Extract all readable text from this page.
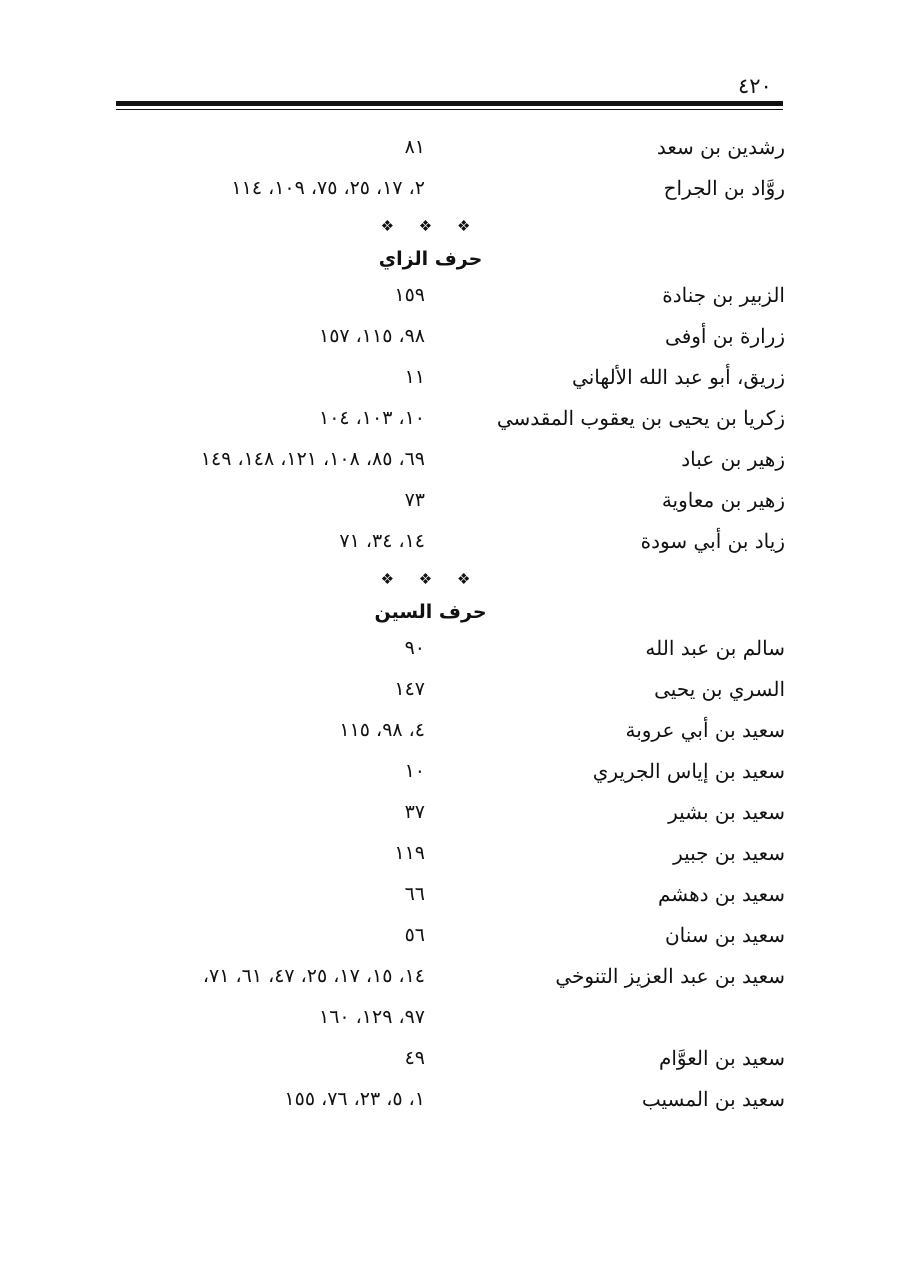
٤٢٠
رشدين بن سعد
٨١
روَّاد بن الجراح
٢، ١٧، ٢٥، ٧٥، ١٠٩، ١١٤
❖ ❖ ❖
حرف الزاي
الزبير بن جنادة
١٥٩
زرارة بن أوفى
٩٨، ١١٥، ١٥٧
زريق، أبو عبد الله الألهاني
١١
زكريا بن يحيى بن يعقوب المقدسي
١٠، ١٠٣، ١٠٤
زهير بن عباد
٦٩، ٨٥، ١٠٨، ١٢١، ١٤٨، ١٤٩
زهير بن معاوية
٧٣
زياد بن أبي سودة
١٤، ٣٤، ٧١
❖ ❖ ❖
حرف السين
سالم بن عبد الله
٩٠
السري بن يحيى
١٤٧
سعيد بن أبي عروبة
٤، ٩٨، ١١٥
سعيد بن إياس الجريري
١٠
سعيد بن بشير
٣٧
سعيد بن جبير
١١٩
سعيد بن دهشم
٦٦
سعيد بن سنان
٥٦
سعيد بن عبد العزيز التنوخي
١٤، ١٥، ١٧، ٢٥، ٤٧، ٦١، ٧١،
٩٧، ١٢٩، ١٦٠
سعيد بن العوَّام
٤٩
سعيد بن المسيب
١، ٥، ٢٣، ٧٦، ١٥٥
